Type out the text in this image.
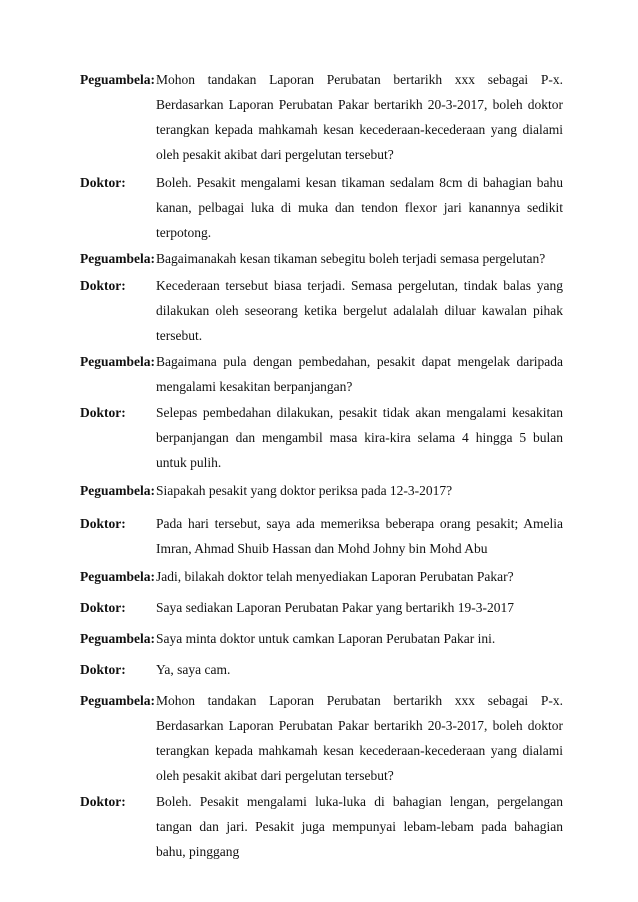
Peguambela: Mohon tandakan Laporan Perubatan bertarikh xxx sebagai P-x. Berdasarkan Laporan Perubatan Pakar bertarikh 20-3-2017, boleh doktor terangkan kepada mahkamah kesan kecederaan-kecederaan yang dialami oleh pesakit akibat dari pergelutan tersebut?
Doktor:	Boleh. Pesakit mengalami kesan tikaman sedalam 8cm di bahagian bahu kanan, pelbagai luka di muka dan tendon flexor jari kanannya sedikit terpotong.
Peguambela: Bagaimanakah kesan tikaman sebegitu boleh terjadi semasa pergelutan?
Doktor:	Kecederaan tersebut biasa terjadi. Semasa pergelutan, tindak balas yang dilakukan oleh seseorang ketika bergelut adalalah diluar kawalan pihak tersebut.
Peguambela: Bagaimana pula dengan pembedahan, pesakit dapat mengelak daripada mengalami kesakitan berpanjangan?
Doktor:	Selepas pembedahan dilakukan, pesakit tidak akan mengalami kesakitan berpanjangan dan mengambil masa kira-kira selama 4 hingga 5 bulan untuk pulih.
Peguambela: Siapakah pesakit yang doktor periksa pada 12-3-2017?
Doktor:	Pada hari tersebut, saya ada memeriksa beberapa orang pesakit; Amelia Imran, Ahmad Shuib Hassan dan Mohd Johny bin Mohd Abu
Peguambela: Jadi, bilakah doktor telah menyediakan Laporan Perubatan Pakar?
Doktor:	Saya sediakan Laporan Perubatan Pakar yang bertarikh 19-3-2017
Peguambela: Saya minta doktor untuk camkan Laporan Perubatan Pakar ini.
Doktor:	Ya, saya cam.
Peguambela: Mohon tandakan Laporan Perubatan bertarikh xxx sebagai P-x. Berdasarkan Laporan Perubatan Pakar bertarikh 20-3-2017, boleh doktor terangkan kepada mahkamah kesan kecederaan-kecederaan yang dialami oleh pesakit akibat dari pergelutan tersebut?
Doktor:	Boleh. Pesakit mengalami luka-luka di bahagian lengan, pergelangan tangan dan jari. Pesakit juga mempunyai lebam-lebam pada bahagian bahu, pinggang
